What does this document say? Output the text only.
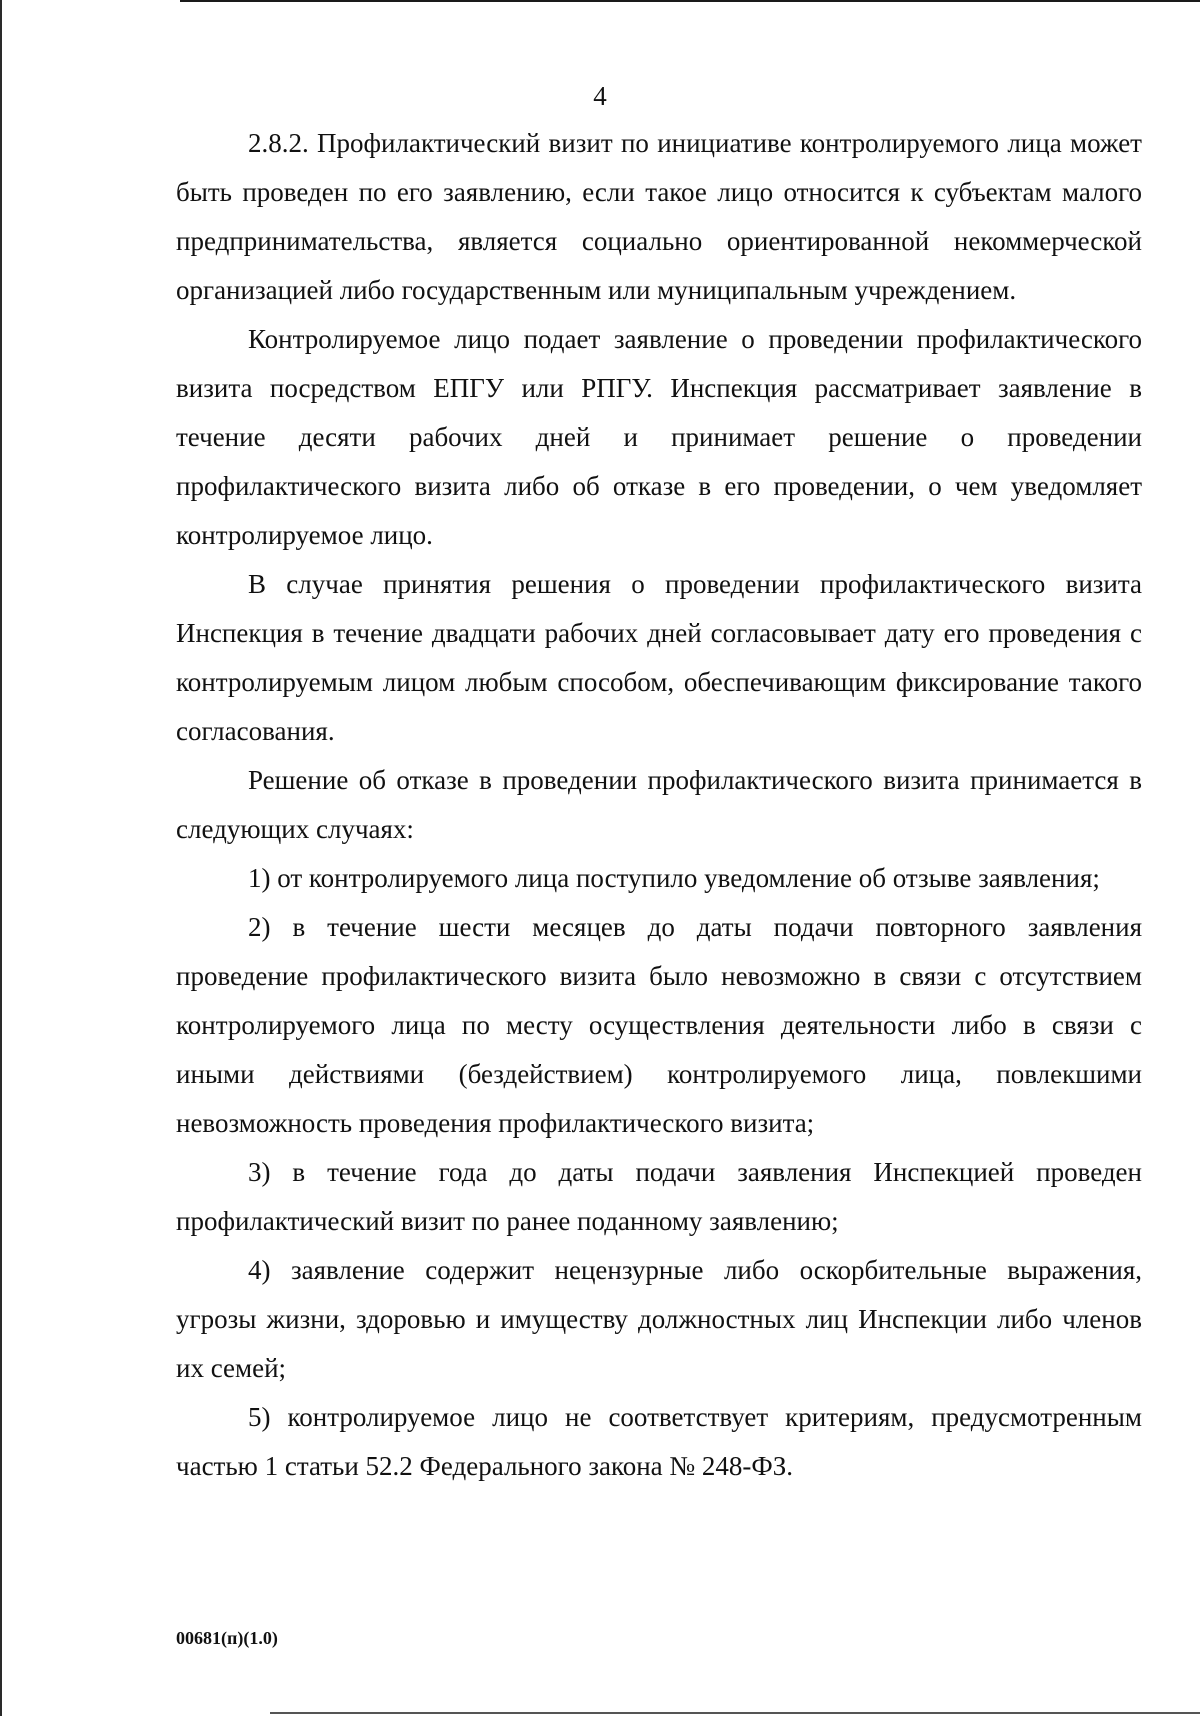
4

2.8.2. Профилактический визит по инициативе контролируемого лица может быть проведен по его заявлению, если такое лицо относится к субъектам малого предпринимательства, является социально ориентированной некоммерческой организацией либо государственным или муниципальным учреждением.

Контролируемое лицо подает заявление о проведении профилактического визита посредством ЕПГУ или РПГУ. Инспекция рассматривает заявление в течение десяти рабочих дней и принимает решение о проведении профилактического визита либо об отказе в его проведении, о чем уведомляет контролируемое лицо.

В случае принятия решения о проведении профилактического визита Инспекция в течение двадцати рабочих дней согласовывает дату его проведения с контролируемым лицом любым способом, обеспечивающим фиксирование такого согласования.

Решение об отказе в проведении профилактического визита принимается в следующих случаях:

1) от контролируемого лица поступило уведомление об отзыве заявления;

2) в течение шести месяцев до даты подачи повторного заявления проведение профилактического визита было невозможно в связи с отсутствием контролируемого лица по месту осуществления деятельности либо в связи с иными действиями (бездействием) контролируемого лица, повлекшими невозможность проведения профилактического визита;

3) в течение года до даты подачи заявления Инспекцией проведен профилактический визит по ранее поданному заявлению;

4) заявление содержит нецензурные либо оскорбительные выражения, угрозы жизни, здоровью и имуществу должностных лиц Инспекции либо членов их семей;

5) контролируемое лицо не соответствует критериям, предусмотренным частью 1 статьи 52.2 Федерального закона № 248-ФЗ.

00681(п)(1.0)
